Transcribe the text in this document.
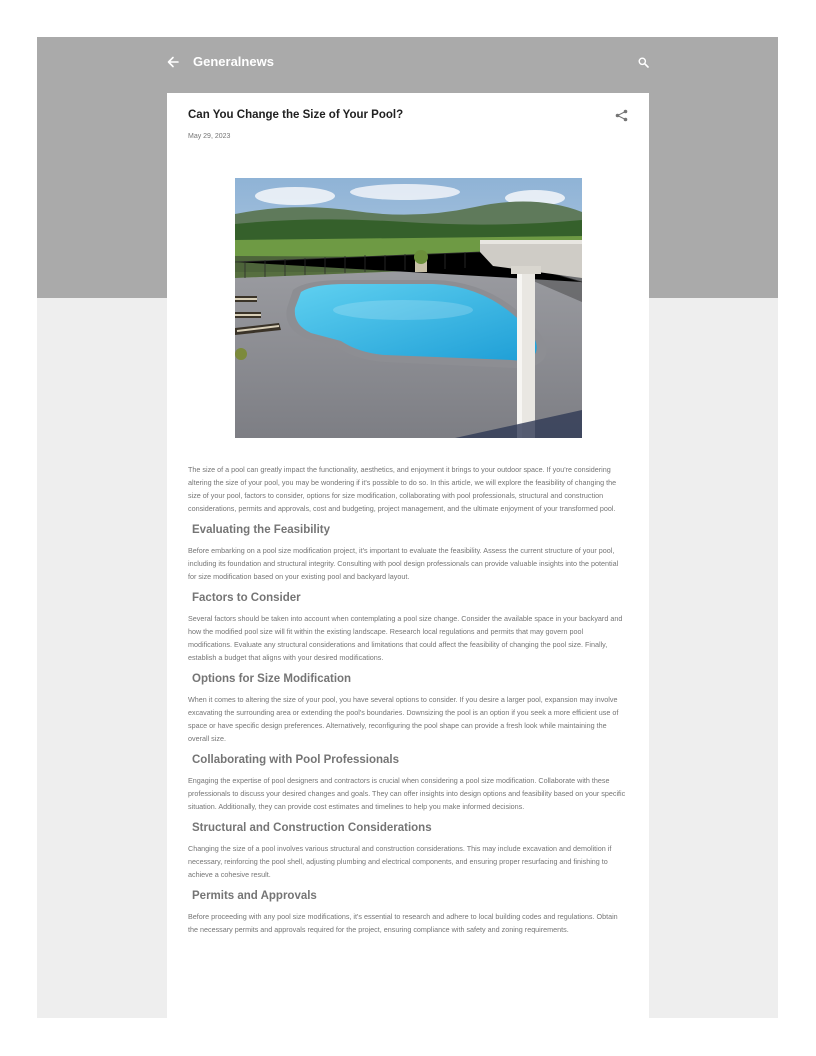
Generalnews
Can You Change the Size of Your Pool?
May 29, 2023

The size of a pool can greatly impact the functionality, aesthetics, and enjoyment it brings to your outdoor space. If you're considering altering the size of your pool, you may be wondering if it's possible to do so. In this article, we will explore the feasibility of changing the size of your pool, factors to consider, options for size modification, collaborating with pool professionals, structural and construction considerations, permits and approvals, cost and budgeting, project management, and the ultimate enjoyment of your transformed pool.

Evaluating the Feasibility

Before embarking on a pool size modification project, it's important to evaluate the feasibility. Assess the current structure of your pool, including its foundation and structural integrity. Consulting with pool design professionals can provide valuable insights into the potential for size modification based on your existing pool and backyard layout.

Factors to Consider

Several factors should be taken into account when contemplating a pool size change. Consider the available space in your backyard and how the modified pool size will fit within the existing landscape. Research local regulations and permits that may govern pool modifications. Evaluate any structural considerations and limitations that could affect the feasibility of changing the pool size. Finally, establish a budget that aligns with your desired modifications.

Options for Size Modification

When it comes to altering the size of your pool, you have several options to consider. If you desire a larger pool, expansion may involve excavating the surrounding area or extending the pool's boundaries. Downsizing the pool is an option if you seek a more efficient use of space or have specific design preferences. Alternatively, reconfiguring the pool shape can provide a fresh look while maintaining the overall size.

Collaborating with Pool Professionals

Engaging the expertise of pool designers and contractors is crucial when considering a pool size modification. Collaborate with these professionals to discuss your desired changes and goals. They can offer insights into design options and feasibility based on your specific situation. Additionally, they can provide cost estimates and timelines to help you make informed decisions.

Structural and Construction Considerations

Changing the size of a pool involves various structural and construction considerations. This may include excavation and demolition if necessary, reinforcing the pool shell, adjusting plumbing and electrical components, and ensuring proper resurfacing and finishing to achieve a cohesive result.

Permits and Approvals

Before proceeding with any pool size modifications, it's essential to research and adhere to local building codes and regulations. Obtain the necessary permits and approvals required for the project, ensuring compliance with safety and zoning requirements.
